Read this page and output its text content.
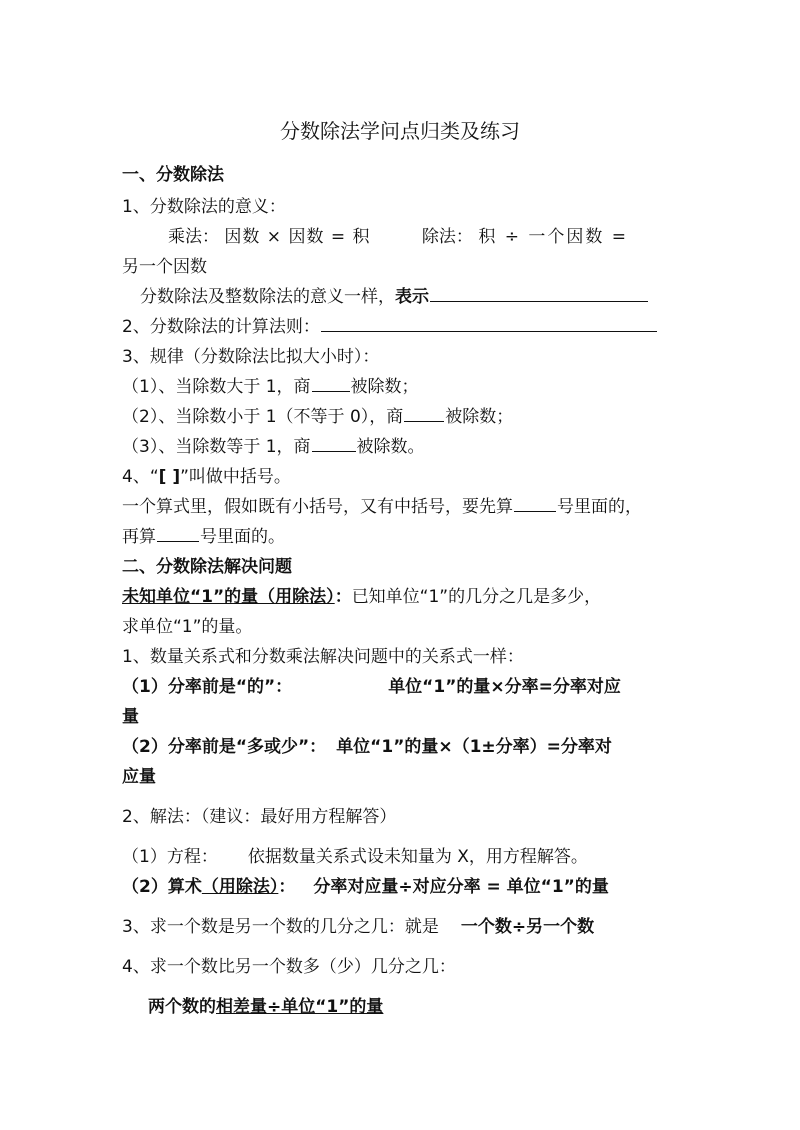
分数除法学问点归类及练习
一、分数除法
1、分数除法的意义：
乘法： 因数 × 因数 = 积	除法： 积 ÷ 一个因数 =
另一个因数
分数除法及整数除法的意义一样，表示
2、分数除法的计算法则：
3、规律（分数除法比拟大小时）：
（1）、当除数大于 1，商 被除数；
（2）、当除数小于 1（不等于 0），商 被除数；
（3）、当除数等于 1，商	被除数。
4、“[ ]”叫做中括号。
一个算式里，假如既有小括号，又有中括号，要先算	号里面的，
再算	号里面的。
二、分数除法解决问题
未知单位“1”的量（用除法）：已知单位“1”的几分之几是多少，
求单位“1”的量。
1、数量关系式和分数乘法解决问题中的关系式一样：
（1）分率前是“的”：	单位“1”的量×分率=分率对应
量
（2）分率前是“多或少”： 单位“1”的量×（1±分率）=分率对
应量
2、解法：（建议：最好用方程解答）
（1）方程： 依据数量关系式设未知量为 X，用方程解答。
（2）算术（用除法）： 分率对应量÷对应分率 = 单位“1”的量
3、求一个数是另一个数的几分之几：就是 一个数÷另一个数
4、求一个数比另一个数多（少）几分之几：
两个数的相差量÷单位“1”的量
